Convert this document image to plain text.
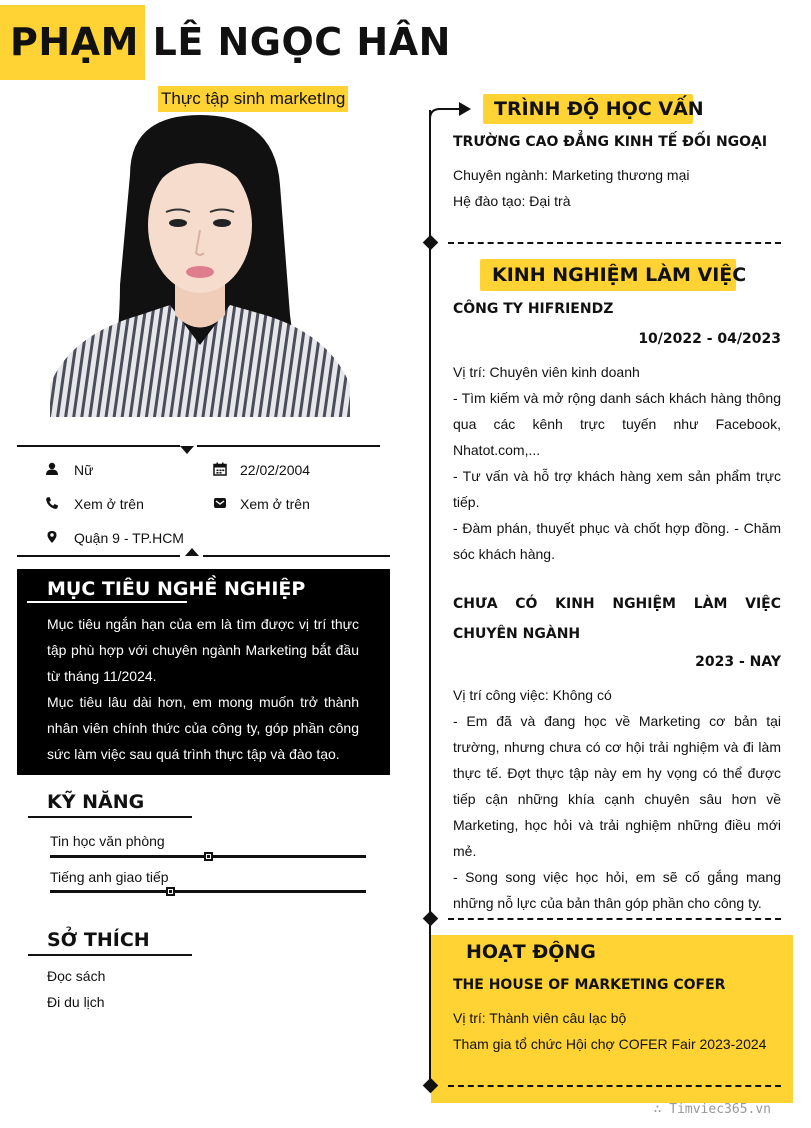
PHẠM LÊ NGỌC HÂN
Thực tập sinh marketIng
Nữ	22/02/2004
Xem ở trên	Xem ở trên
Quận 9 - TP.HCM
MỤC TIÊU NGHỀ NGHIỆP
Mục tiêu ngắn hạn của em là tìm được vị trí thực tập phù hợp với chuyên ngành Marketing bắt đầu từ tháng 11/2024.
Mục tiêu lâu dài hơn, em mong muốn trở thành nhân viên chính thức của công ty, góp phần công sức làm việc sau quá trình thực tập và đào tạo.
KỸ NĂNG
Tin học văn phòng
Tiếng anh giao tiếp
SỞ THÍCH
Đọc sách
Đi du lịch
TRÌNH ĐỘ HỌC VẤN
TRƯỜNG CAO ĐẲNG KINH TẾ ĐỐI NGOẠI
Chuyên ngành: Marketing thương mại
Hệ đào tạo: Đại trà
KINH NGHIỆM LÀM VIỆC
CÔNG TY HIFRIENDZ
10/2022 - 04/2023
Vị trí: Chuyên viên kinh doanh
- Tìm kiếm và mở rộng danh sách khách hàng thông qua các kênh trực tuyến như Facebook, Nhatot.com,...
- Tư vấn và hỗ trợ khách hàng xem sản phẩm trực tiếp.
- Đàm phán, thuyết phục và chốt hợp đồng. - Chăm sóc khách hàng.
CHƯA CÓ KINH NGHIỆM LÀM VIỆC CHUYÊN NGÀNH
2023 - NAY
Vị trí công việc: Không có
- Em đã và đang học về Marketing cơ bản tại trường, nhưng chưa có cơ hội trải nghiệm và đi làm thực tế. Đợt thực tập này em hy vọng có thể được tiếp cận những khía cạnh chuyên sâu hơn về Marketing, học hỏi và trải nghiệm những điều mới mẻ.
- Song song việc học hỏi, em sẽ cố gắng mang những nỗ lực của bản thân góp phần cho công ty.
HOẠT ĐỘNG
THE HOUSE OF MARKETING COFER
Vị trí: Thành viên câu lạc bộ
Tham gia tổ chức Hội chợ COFER Fair 2023-2024
∴ Timviec365.vn
